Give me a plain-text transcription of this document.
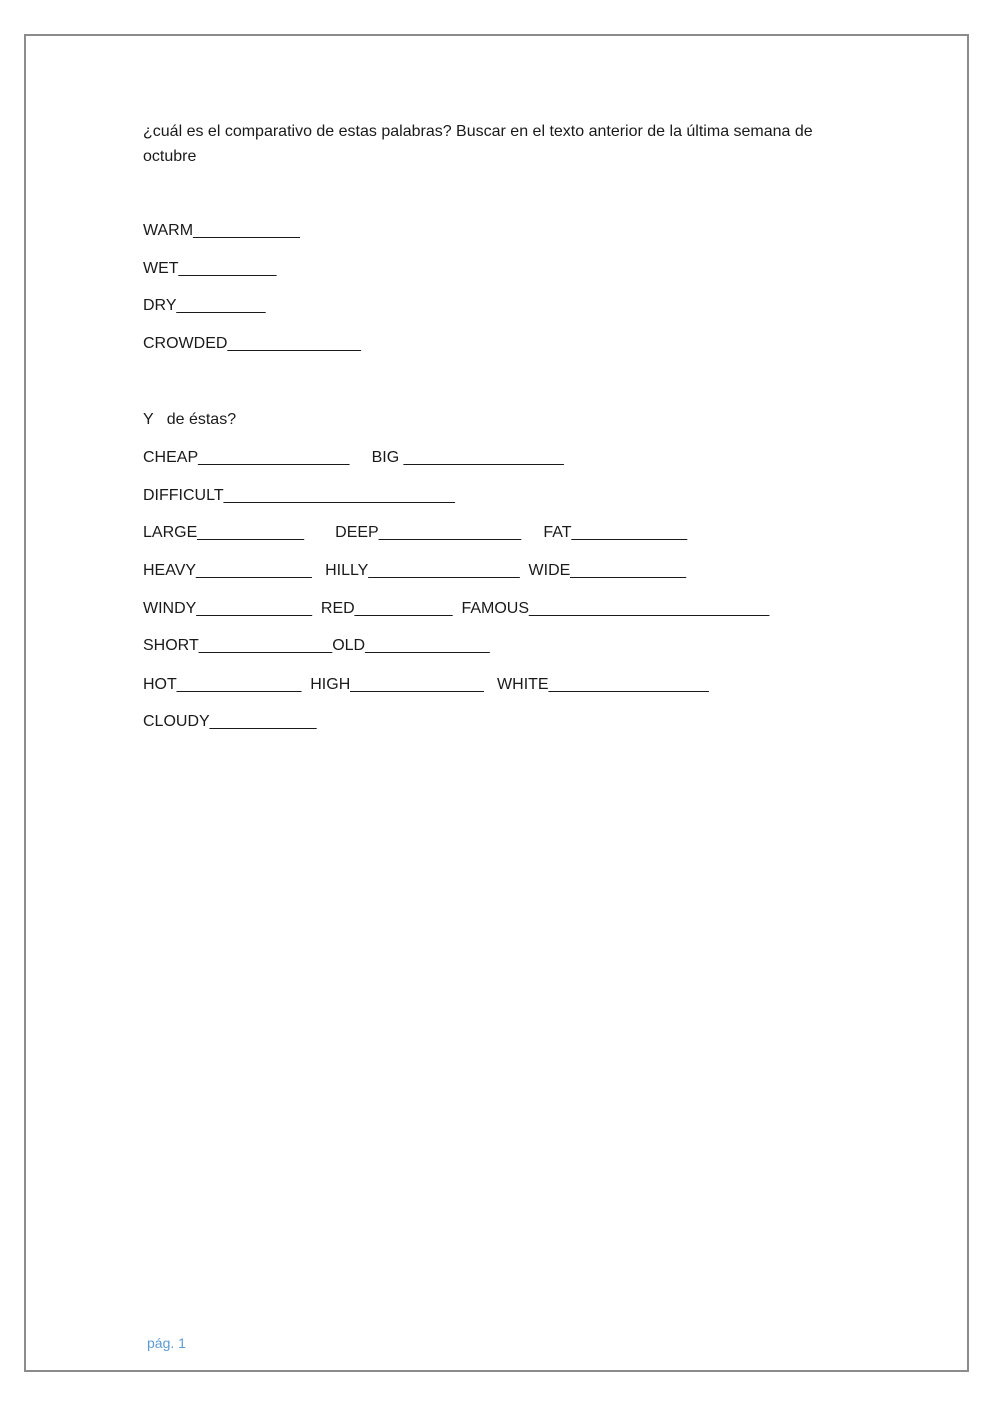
¿cuál es el comparativo de estas palabras? Buscar en el texto anterior de la última semana de octubre

WARM____________
WET___________
DRY__________
CROWDED_______________
Y   de éstas?
CHEAP_________________     BIG __________________
DIFFICULT__________________________
LARGE____________       DEEP________________     FAT_____________
HEAVY_____________   HILLY_________________  WIDE_____________
WINDY_____________  RED___________  FAMOUS___________________________
SHORT_______________OLD______________
HOT______________  HIGH_______________   WHITE__________________
CLOUDY____________
pág. 1
